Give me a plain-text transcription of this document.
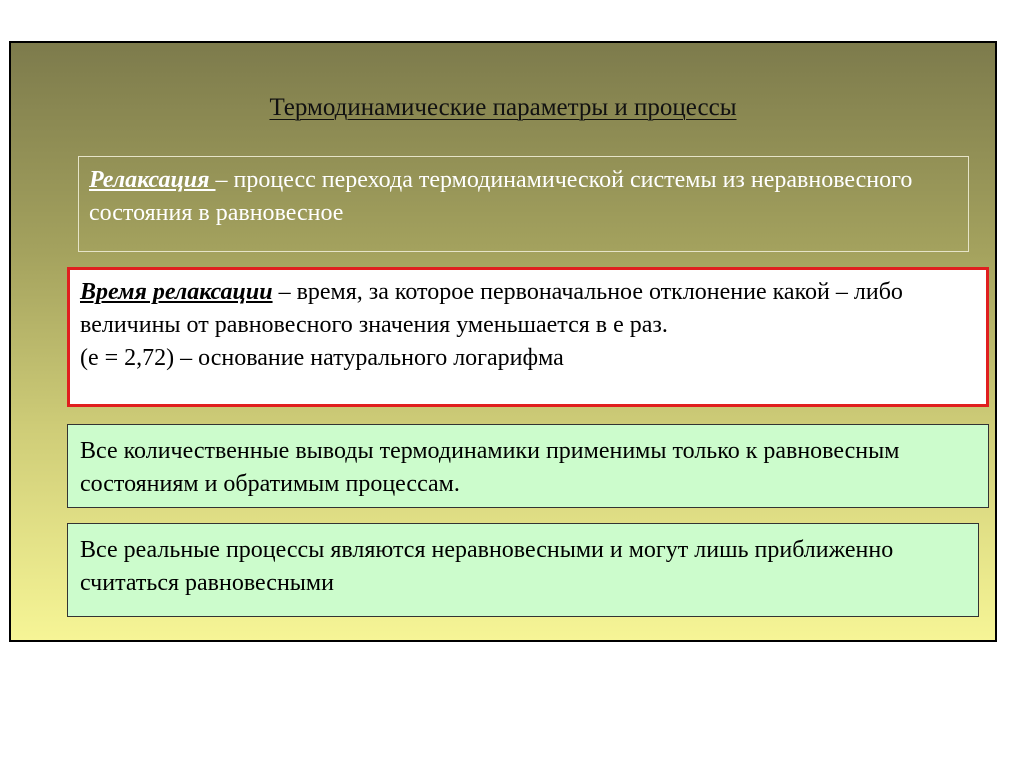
Термодинамические параметры и процессы
Релаксация – процесс перехода термодинамической системы из неравновесного состояния в равновесное
Время релаксации – время, за которое первоначальное отклонение какой – либо величины от равновесного значения уменьшается в е раз.
(е = 2,72) – основание натурального логарифма
Все количественные выводы термодинамики применимы только к равновесным состояниям и обратимым процессам.
Все реальные процессы являются неравновесными и могут лишь приближенно считаться равновесными
